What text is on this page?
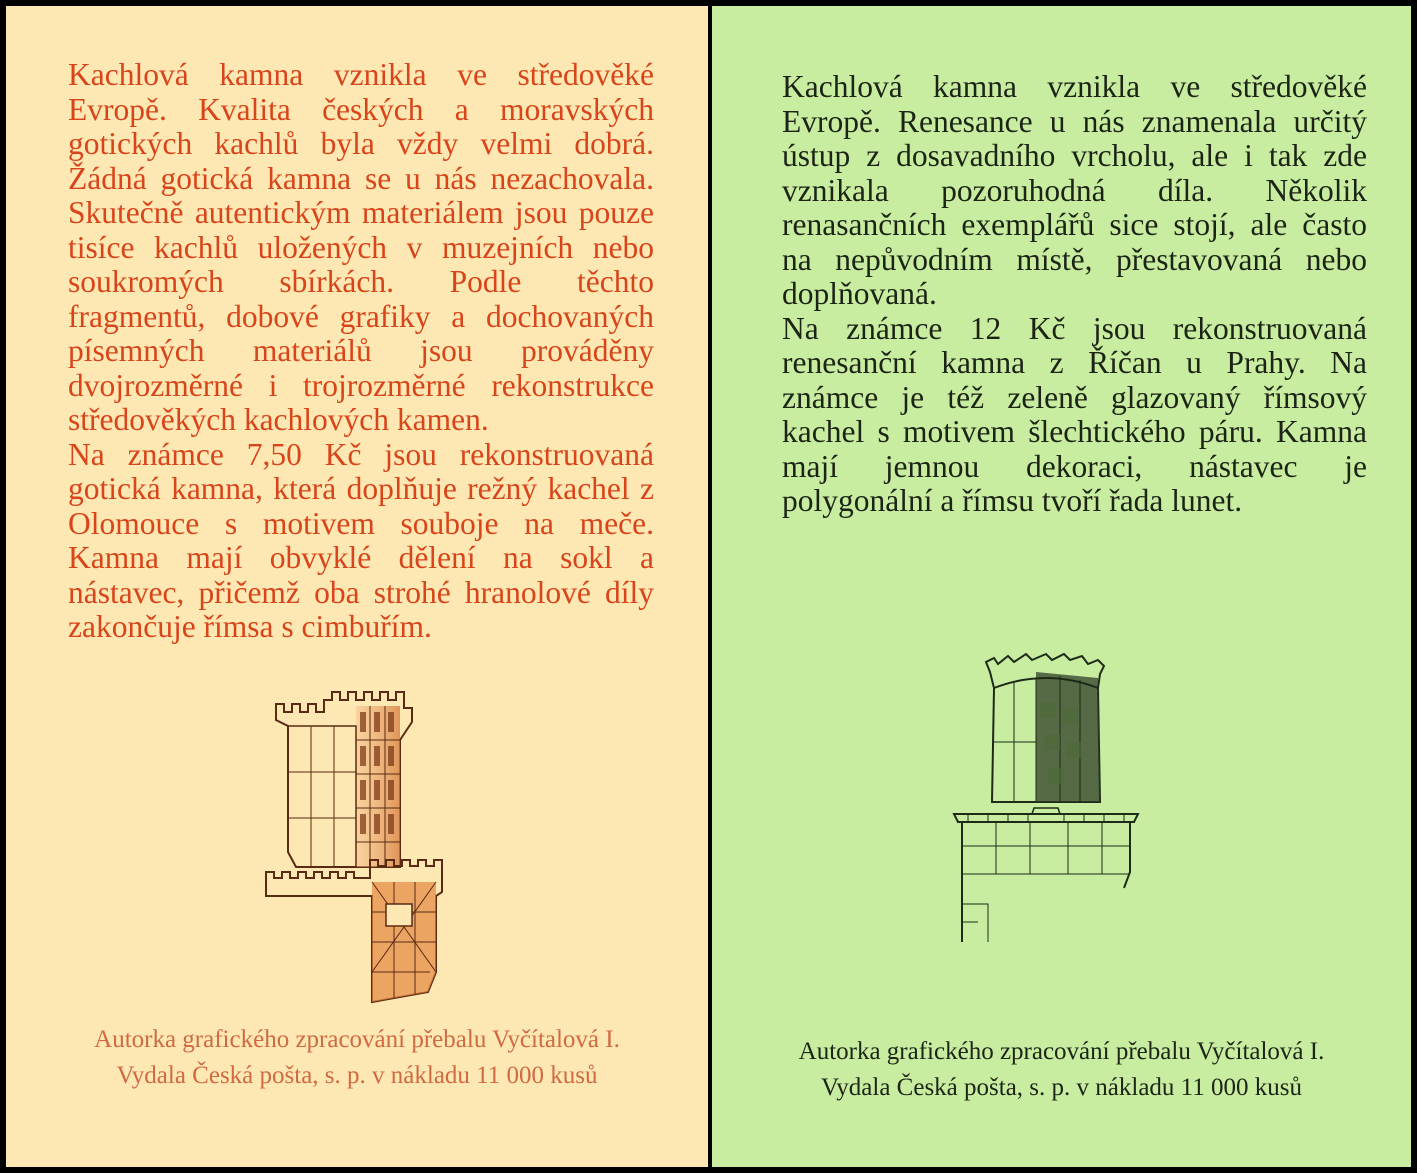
Kachlová kamna vznikla ve středověké Evropě. Kvalita českých a moravských gotických kachlů byla vždy velmi dobrá. Žádná gotická kamna se u nás nezachovala. Skutečně autentickým materiálem jsou pouze tisíce kachlů uložených v muzejních nebo soukromých sbírkách. Podle těchto fragmentů, dobové grafiky a dochovaných písemných materiálů jsou prováděny dvojrozměrné i trojrozměrné rekonstrukce středověkých kachlových kamen.

Na známce 7,50 Kč jsou rekonstruovaná gotická kamna, která doplňuje režný kachel z Olomouce s motivem souboje na meče. Kamna mají obvyklé dělení na sokl a nástavec, přičemž oba strohé hranolové díly zakončuje římsa s cimbuřím.

Autorka grafického zpracování přebalu Vyčítalová I.
Vydala Česká pošta, s. p. v nákladu 11 000 kusů

Kachlová kamna vznikla ve středověké Evropě. Renesance u nás znamenala určitý ústup z dosavadního vrcholu, ale i tak zde vznikala pozoruhodná díla. Několik renasančních exemplářů sice stojí, ale často na nepůvodním místě, přestavovaná nebo doplňovaná.

Na známce 12 Kč jsou rekonstruovaná renesanční kamna z Říčan u Prahy. Na známce je též zeleně glazovaný římsový kachel s motivem šlechtického páru. Kamna mají jemnou dekoraci, nástavec je polygonální a římsu tvoří řada lunet.

Autorka grafického zpracování přebalu Vyčítalová I.
Vydala Česká pošta, s. p. v nákladu 11 000 kusů
